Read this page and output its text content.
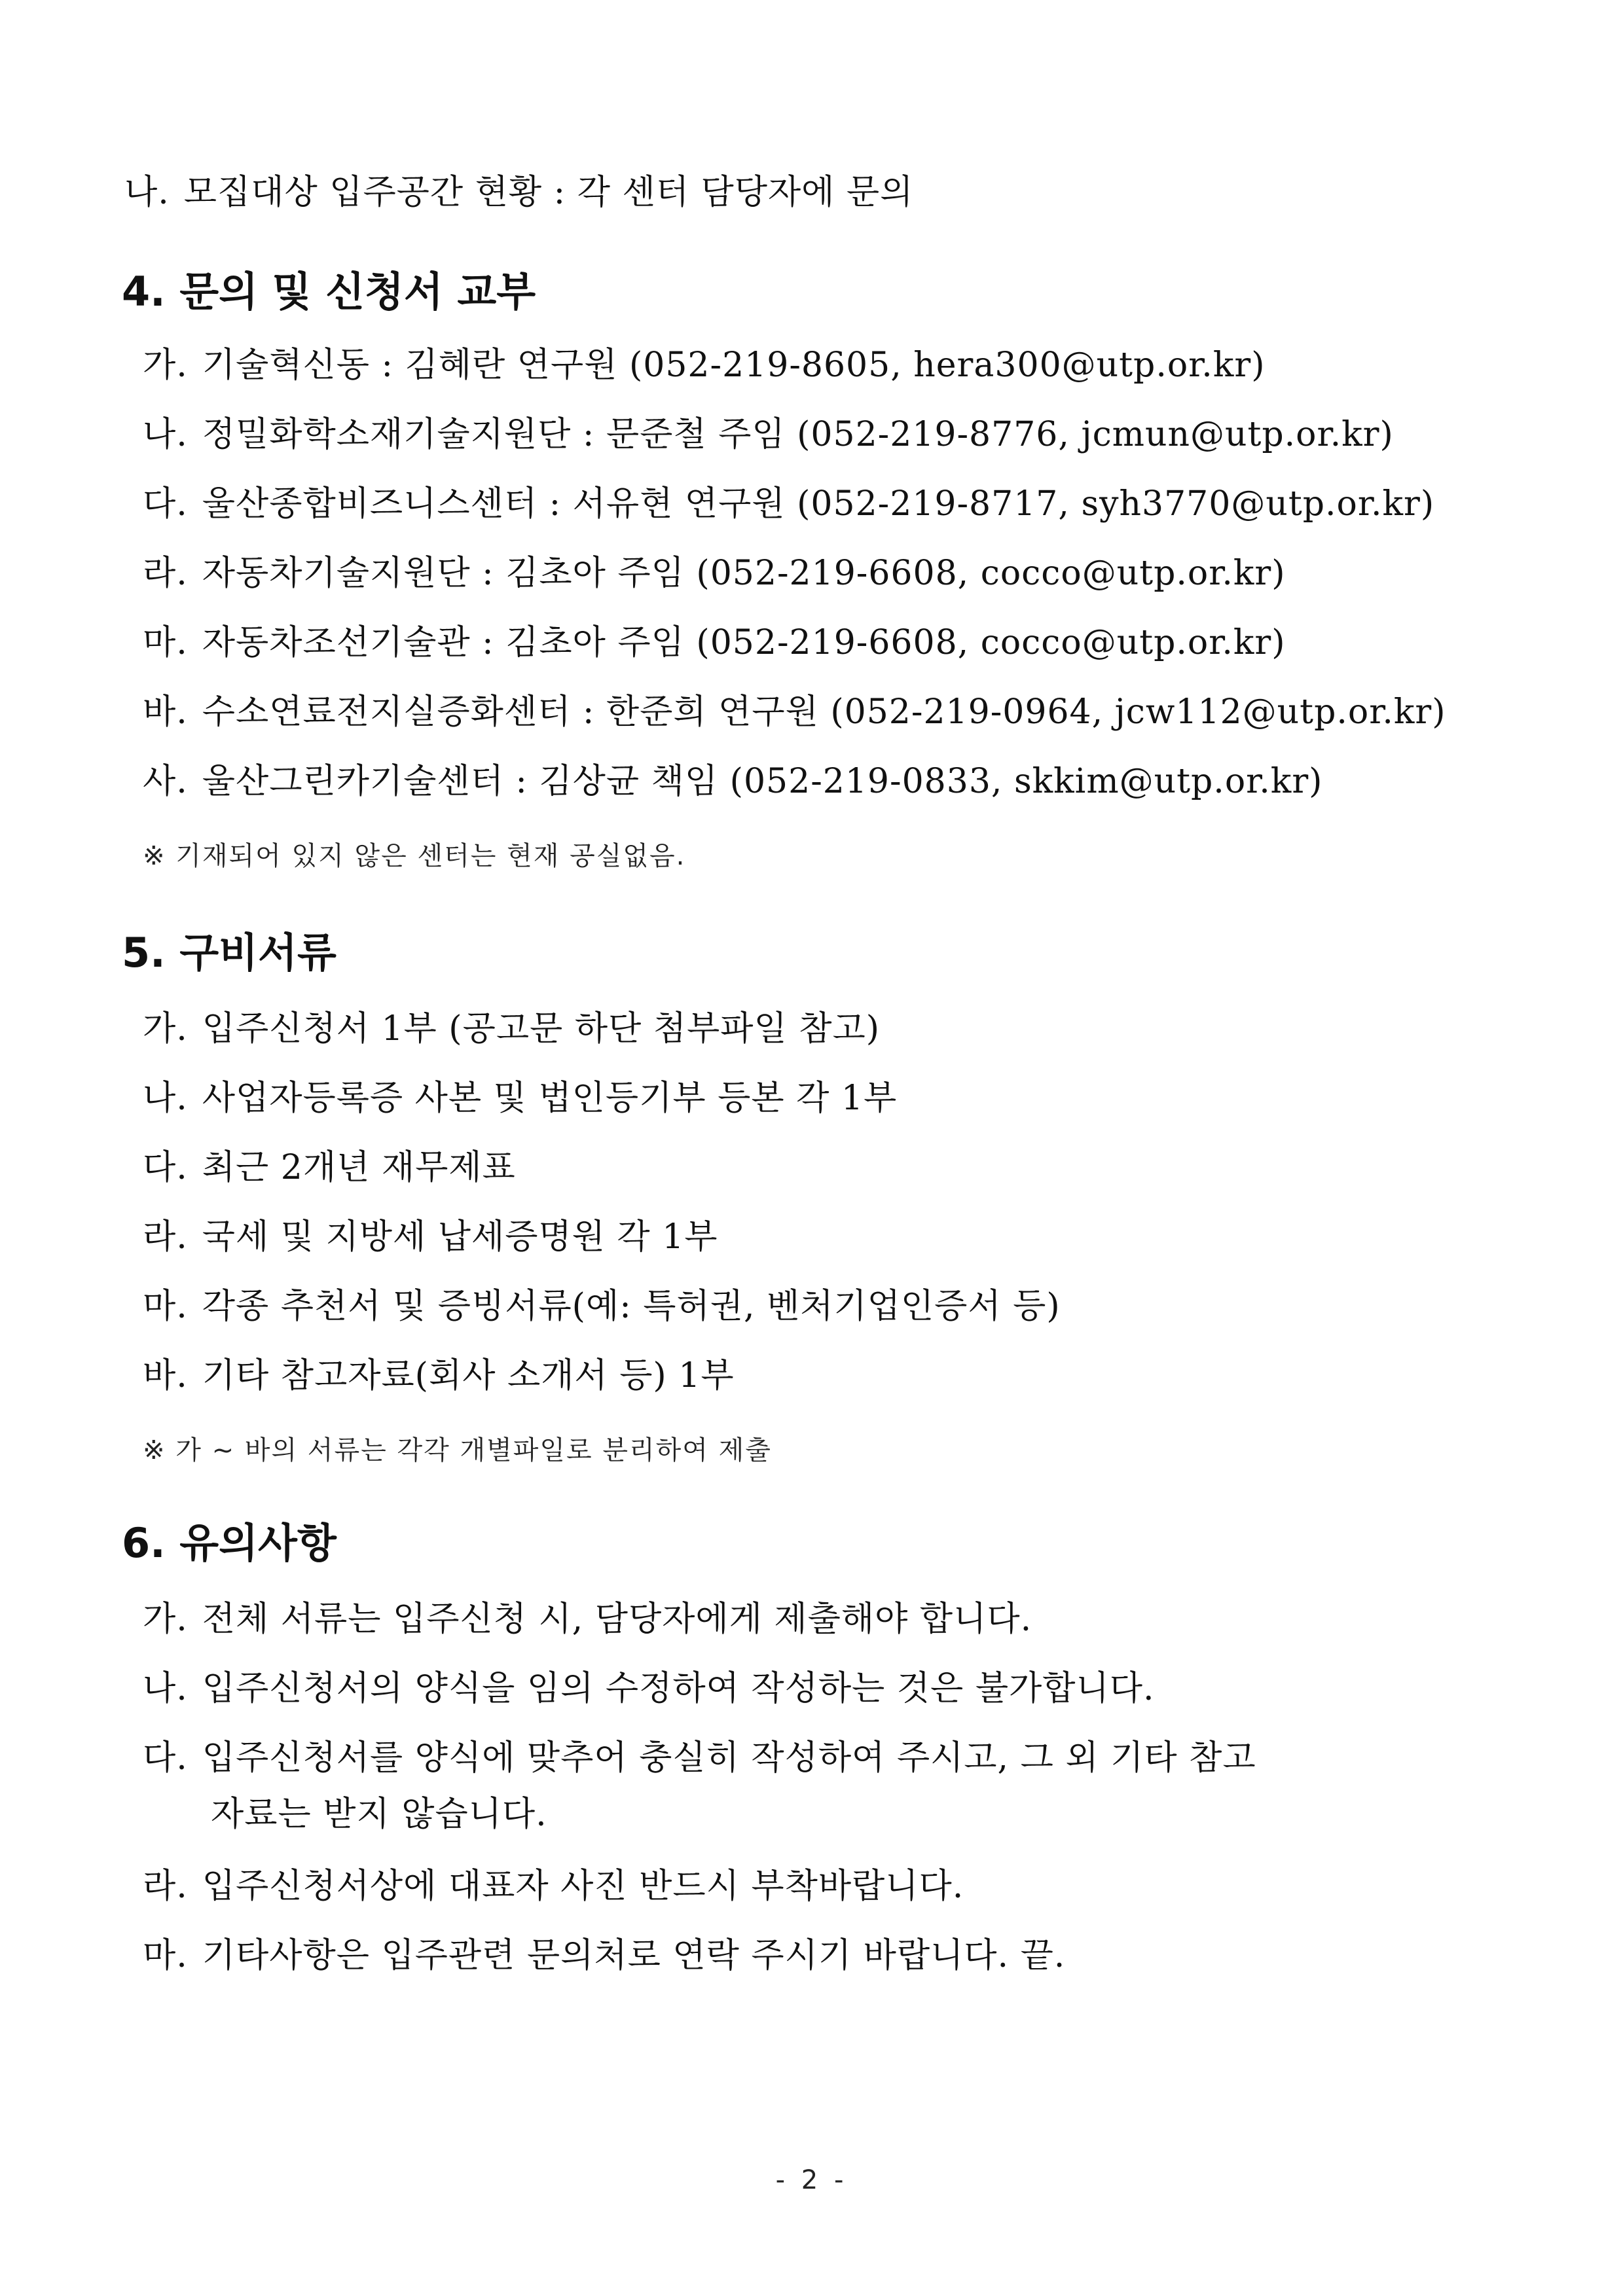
나. 모집대상 입주공간 현황 : 각 센터 담당자에 문의
4. 문의 및 신청서 교부
가. 기술혁신동 : 김혜란 연구원 (052-219-8605, hera300@utp.or.kr)
나. 정밀화학소재기술지원단 : 문준철 주임 (052-219-8776, jcmun@utp.or.kr)
다. 울산종합비즈니스센터 : 서유현 연구원 (052-219-8717, syh3770@utp.or.kr)
라. 자동차기술지원단 : 김초아 주임 (052-219-6608, cocco@utp.or.kr)
마. 자동차조선기술관 : 김초아 주임 (052-219-6608, cocco@utp.or.kr)
바. 수소연료전지실증화센터 : 한준희 연구원 (052-219-0964, jcw112@utp.or.kr)
사. 울산그린카기술센터 : 김상균 책임 (052-219-0833, skkim@utp.or.kr)
※ 기재되어 있지 않은 센터는 현재 공실없음.
5. 구비서류
가. 입주신청서 1부 (공고문 하단 첨부파일 참고)
나. 사업자등록증 사본 및 법인등기부 등본 각 1부
다. 최근 2개년 재무제표
라. 국세 및 지방세 납세증명원 각 1부
마. 각종 추천서 및 증빙서류(예: 특허권, 벤처기업인증서 등)
바. 기타 참고자료(회사 소개서 등) 1부
※ 가 ~ 바의 서류는 각각 개별파일로 분리하여 제출
6. 유의사항
가. 전체 서류는 입주신청 시, 담당자에게 제출해야 합니다.
나. 입주신청서의 양식을 임의 수정하여 작성하는 것은 불가합니다.
다. 입주신청서를 양식에 맞추어 충실히 작성하여 주시고, 그 외 기타 참고
자료는 받지 않습니다.
라. 입주신청서상에 대표자 사진 반드시 부착바랍니다.
마. 기타사항은 입주관련 문의처로 연락 주시기 바랍니다. 끝.
- 2 -
